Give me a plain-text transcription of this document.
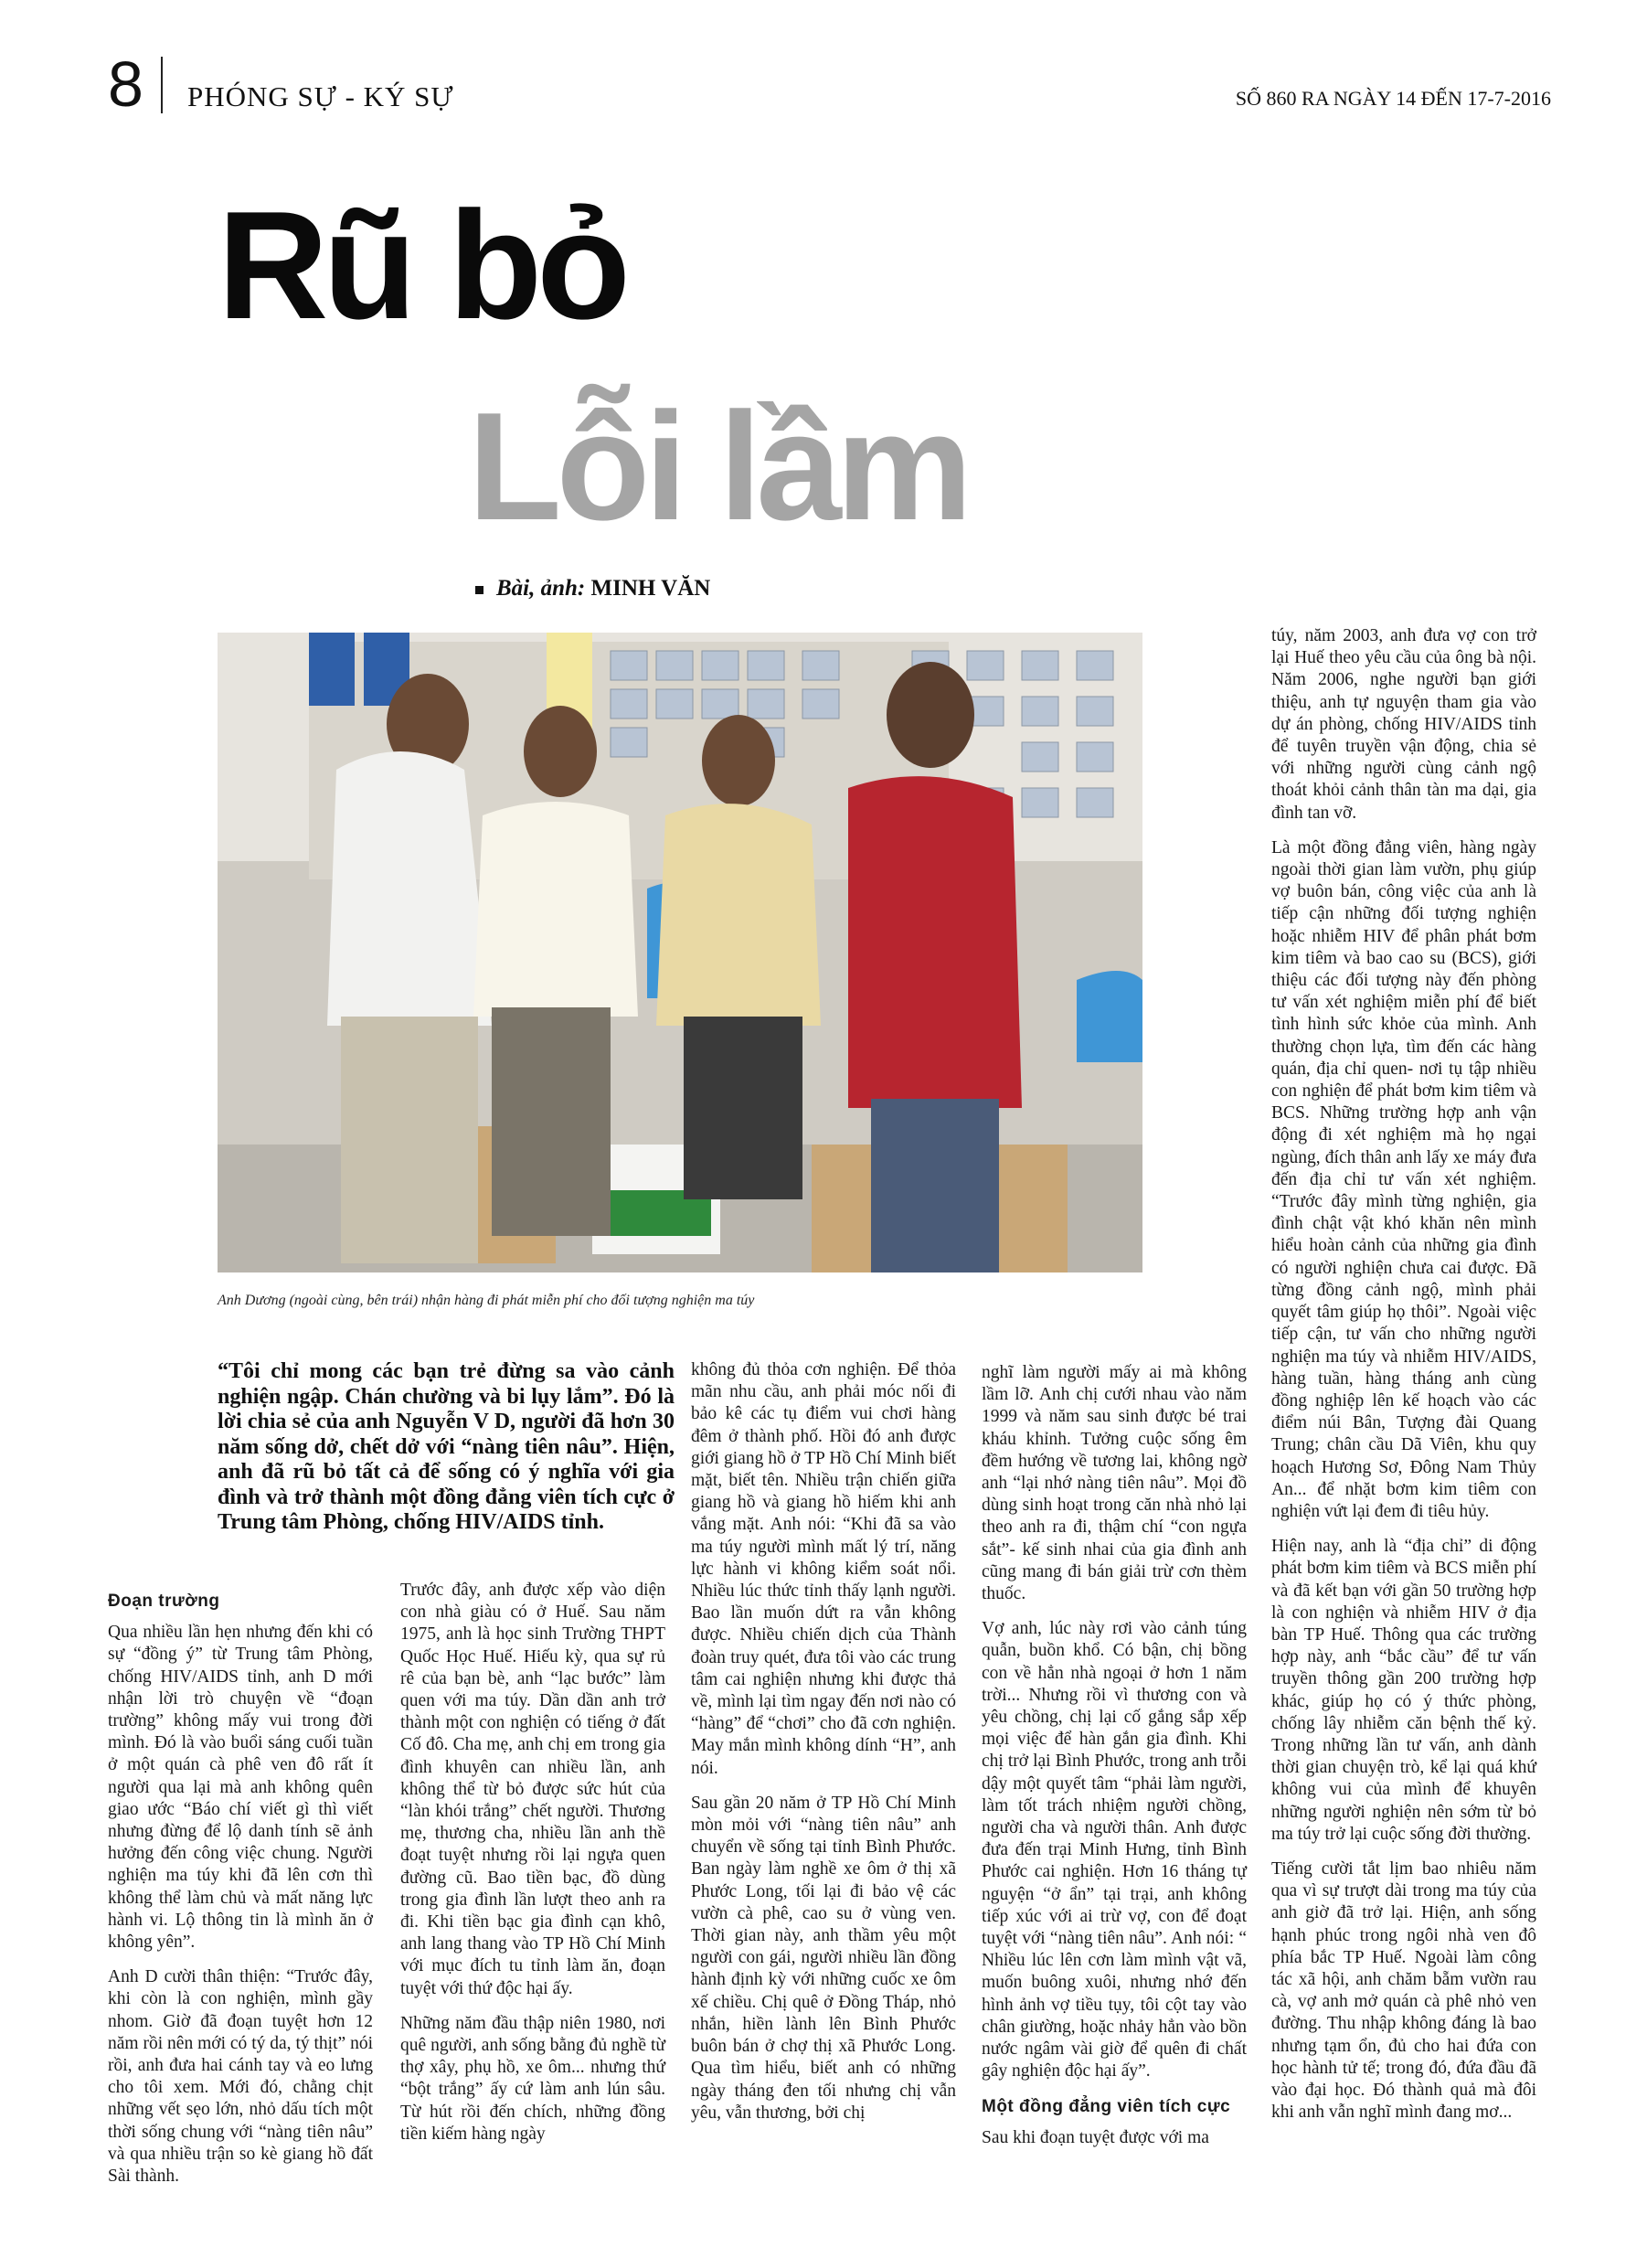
8 PHÓNG SỰ - KÝ SỰ	SỐ 860 RA NGÀY 14 ĐẾN 17-7-2016
Rũ bỏ
Lỗi lầm
Bài, ảnh: MINH VĂN
Anh Dương (ngoài cùng, bên trái) nhận hàng đi phát miễn phí cho đối tượng nghiện ma túy
“Tôi chỉ mong các bạn trẻ đừng sa vào cảnh nghiện ngập. Chán chường và bi lụy lắm”. Đó là lời chia sẻ của anh Nguyễn V D, người đã hơn 30 năm sống dở, chết dở với “nàng tiên nâu”. Hiện, anh đã rũ bỏ tất cả để sống có ý nghĩa với gia đình và trở thành một đồng đẳng viên tích cực ở Trung tâm Phòng, chống HIV/AIDS tỉnh.
Đoạn trường

Qua nhiều lần hẹn nhưng đến khi có sự “đồng ý” từ Trung tâm Phòng, chống HIV/AIDS tỉnh, anh D mới nhận lời trò chuyện về “đoạn trường” không mấy vui trong đời mình. Đó là vào buổi sáng cuối tuần ở một quán cà phê ven đô rất ít người qua lại mà anh không quên giao ước “Báo chí viết gì thì viết nhưng đừng để lộ danh tính sẽ ảnh hưởng đến công việc chung. Người nghiện ma túy khi đã lên cơn thì không thể làm chủ và mất năng lực hành vi. Lộ thông tin là mình ăn ở không yên”.

Anh D cười thân thiện: “Trước đây, khi còn là con nghiện, mình gầy nhom. Giờ đã đoạn tuyệt hơn 12 năm rồi nên mới có tý da, tý thịt” nói rồi, anh đưa hai cánh tay và eo lưng cho tôi xem. Mới đó, chằng chịt những vết sẹo lớn, nhỏ dấu tích một thời sống chung với “nàng tiên nâu” và qua nhiều trận so kè giang hồ đất Sài thành.

Trước đây, anh được xếp vào diện con nhà giàu có ở Huế. Sau năm 1975, anh là học sinh Trường THPT Quốc Học Huế. Hiếu kỳ, qua sự rủ rê của bạn bè, anh “lạc bước” làm quen với ma túy. Dần dần anh trở thành một con nghiện có tiếng ở đất Cố đô. Cha mẹ, anh chị em trong gia đình khuyên can nhiều lần, anh không thể từ bỏ được sức hút của “làn khói trắng” chết người. Thương mẹ, thương cha, nhiều lần anh thề đoạt tuyệt nhưng rồi lại ngựa quen đường cũ. Bao tiền bạc, đồ dùng trong gia đình lần lượt theo anh ra đi. Khi tiền bạc gia đình cạn khô, anh lang thang vào TP Hồ Chí Minh với mục đích tu tỉnh làm ăn, đoạn tuyệt với thứ độc hại ấy.

Những năm đầu thập niên 1980, nơi quê người, anh sống bằng đủ nghề từ thợ xây, phụ hồ, xe ôm... nhưng thứ “bột trắng” ấy cứ làm anh lún sâu. Từ hút rồi đến chích, những đồng tiền kiếm hàng ngày

không đủ thỏa cơn nghiện. Để thỏa mãn nhu cầu, anh phải móc nối đi bảo kê các tụ điểm vui chơi hàng đêm ở thành phố. Hồi đó anh được giới giang hồ ở TP Hồ Chí Minh biết mặt, biết tên. Nhiều trận chiến giữa giang hồ và giang hồ hiếm khi anh vắng mặt. Anh nói: “Khi đã sa vào ma túy người mình mất lý trí, năng lực hành vi không kiểm soát nổi. Nhiều lúc thức tỉnh thấy lạnh người. Bao lần muốn dứt ra vẫn không được. Nhiều chiến dịch của Thành đoàn truy quét, đưa tôi vào các trung tâm cai nghiện nhưng khi được thả về, mình lại tìm ngay đến nơi nào có “hàng” để “chơi” cho đã cơn nghiện. May mắn mình không dính “H”, anh nói.

Sau gần 20 năm ở TP Hồ Chí Minh mòn mỏi với “nàng tiên nâu” anh chuyển về sống tại tỉnh Bình Phước. Ban ngày làm nghề xe ôm ở thị xã Phước Long, tối lại đi bảo vệ các vườn cà phê, cao su ở vùng ven. Thời gian này, anh thầm yêu một người con gái, người nhiều lần đồng hành định kỳ với những cuốc xe ôm xế chiều. Chị quê ở Đồng Tháp, nhỏ nhắn, hiền lành lên Bình Phước buôn bán ở chợ thị xã Phước Long. Qua tìm hiểu, biết anh có những ngày tháng đen tối nhưng chị vẫn yêu, vẫn thương, bởi chị

nghĩ làm người mấy ai mà không lầm lỡ. Anh chị cưới nhau vào năm 1999 và năm sau sinh được bé trai kháu khỉnh. Tưởng cuộc sống êm đềm hướng về tương lai, không ngờ anh “lại nhớ nàng tiên nâu”. Mọi đồ dùng sinh hoạt trong căn nhà nhỏ lại theo anh ra đi, thậm chí “con ngựa sắt”- kế sinh nhai của gia đình anh cũng mang đi bán giải trừ cơn thèm thuốc.

Vợ anh, lúc này rơi vào cảnh túng quẫn, buồn khổ. Có bận, chị bồng con về hẳn nhà ngoại ở hơn 1 năm trời... Nhưng rồi vì thương con và yêu chồng, chị lại cố gắng sắp xếp mọi việc để hàn gắn gia đình. Khi chị trở lại Bình Phước, trong anh trỗi dậy một quyết tâm “phải làm người, làm tốt trách nhiệm người chồng, người cha và người thân. Anh được đưa đến trại Minh Hưng, tỉnh Bình Phước cai nghiện. Hơn 16 tháng tự nguyện “ở ẩn” tại trại, anh không tiếp xúc với ai trừ vợ, con để đoạt tuyệt với “nàng tiên nâu”. Anh nói: “ Nhiều lúc lên cơn làm mình vật vã, muốn buông xuôi, nhưng nhớ đến hình ảnh vợ tiều tụy, tôi cột tay vào chân giường, hoặc nhảy hẳn vào bồn nước ngâm vài giờ để quên đi chất gây nghiện độc hại ấy”.

Một đồng đẳng viên tích cực

Sau khi đoạn tuyệt được với ma

túy, năm 2003, anh đưa vợ con trở lại Huế theo yêu cầu của ông bà nội. Năm 2006, nghe người bạn giới thiệu, anh tự nguyện tham gia vào dự án phòng, chống HIV/AIDS tỉnh để tuyên truyền vận động, chia sẻ với những người cùng cảnh ngộ thoát khỏi cảnh thân tàn ma dại, gia đình tan vỡ.

Là một đồng đẳng viên, hàng ngày ngoài thời gian làm vườn, phụ giúp vợ buôn bán, công việc của anh là tiếp cận những đối tượng nghiện hoặc nhiễm HIV để phân phát bơm kim tiêm và bao cao su (BCS), giới thiệu các đối tượng này đến phòng tư vấn xét nghiệm miễn phí để biết tình hình sức khỏe của mình. Anh thường chọn lựa, tìm đến các hàng quán, địa chỉ quen- nơi tụ tập nhiều con nghiện để phát bơm kim tiêm và BCS. Những trường hợp anh vận động đi xét nghiệm mà họ ngại ngùng, đích thân anh lấy xe máy đưa đến địa chỉ tư vấn xét nghiệm. “Trước đây mình từng nghiện, gia đình chật vật khó khăn nên mình hiểu hoàn cảnh của những gia đình có người nghiện chưa cai được. Đã từng đồng cảnh ngộ, mình phải quyết tâm giúp họ thôi”. Ngoài việc tiếp cận, tư vấn cho những người nghiện ma túy và nhiễm HIV/AIDS, hàng tuần, hàng tháng anh cùng đồng nghiệp lên kế hoạch vào các điểm núi Bân, Tượng đài Quang Trung; chân cầu Dã Viên, khu quy hoạch Hương Sơ, Đông Nam Thủy An... để nhặt bơm kim tiêm con nghiện vứt lại đem đi tiêu hủy.

Hiện nay, anh là “địa chỉ” di động phát bơm kim tiêm và BCS miễn phí và đã kết bạn với gần 50 trường hợp là con nghiện và nhiễm HIV ở địa bàn TP Huế. Thông qua các trường hợp này, anh “bắc cầu” để tư vấn truyền thông gần 200 trường hợp khác, giúp họ có ý thức phòng, chống lây nhiễm căn bệnh thế kỷ. Trong những lần tư vấn, anh dành thời gian chuyện trò, kể lại quá khứ không vui của mình để khuyên những người nghiện nên sớm từ bỏ ma túy trở lại cuộc sống đời thường.

Tiếng cười tắt lịm bao nhiêu năm qua vì sự trượt dài trong ma túy của anh giờ đã trở lại. Hiện, anh sống hạnh phúc trong ngôi nhà ven đô phía bắc TP Huế. Ngoài làm công tác xã hội, anh chăm bẵm vườn rau cà, vợ anh mở quán cà phê nhỏ ven đường. Thu nhập không đáng là bao nhưng tạm ổn, đủ cho hai đứa con học hành tử tế; trong đó, đứa đầu đã vào đại học. Đó thành quả mà đôi khi anh vẫn nghĩ mình đang mơ...
